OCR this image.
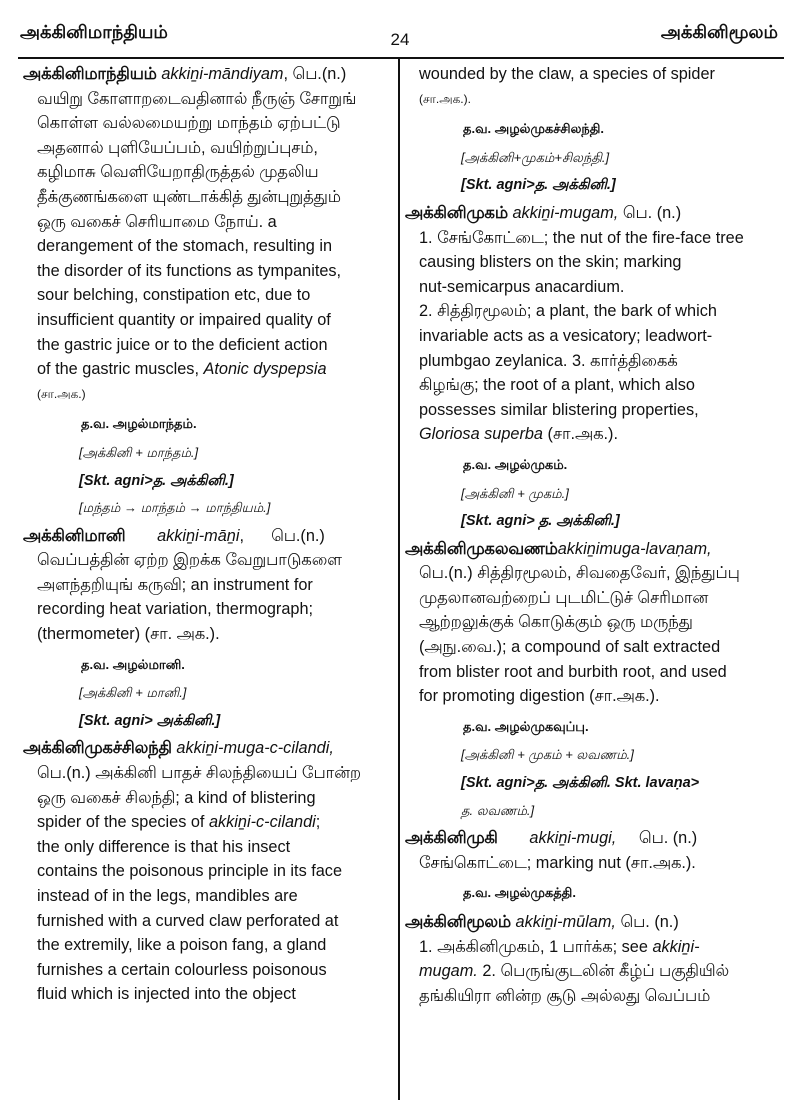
அக்கினிமாந்தியம்	24	அக்கினிமூலம்
அக்கினிமாந்தியம் akkiṉi-māndiyam, பெ.(n.)
வயிறு கோளாறடைவதினால் நீருஞ் சோறுங்
கொள்ள வல்லமையற்று மாந்தம் ஏற்பட்டு
அதனால் புளியேப்பம், வயிற்றுப்புசம்,
கழிமாசு வெளியேறாதிருத்தல் முதலிய
தீக்குணங்களை யுண்டாக்கித் துன்புறுத்தும்
ஒரு வகைச் செரியாமை நோய். a
derangement of the stomach, resulting in
the disorder of its functions as tympanites,
sour belching, constipation etc, due to
insufficient quantity or impaired quality of
the gastric juice or to the deficient action
of the gastric muscles, Atonic dyspepsia
(சா.அக.)
த.வ. அழல்மாந்தம்.
[அக்கினி + மாந்தம்.]
[Skt. agni>த. அக்கினி.]
[மந்தம் → மாந்தம் → மாந்தியம்.]
அக்கினிமானி akkiṉi-māṉi,      பெ.(n.)
வெப்பத்தின் ஏற்ற இறக்க வேறுபாடுகளை
அளந்தறியுங் கருவி; an instrument for
recording heat variation, thermograph;
(thermometer) (சா. அக.).
த.வ. அழல்மானி.
[அக்கினி + மானி.]
[Skt. agni> அக்கினி.]
அக்கினிமுகச்சிலந்தி akkiṉi-muga-c-cilandi,
பெ.(n.) அக்கினி பாதச் சிலந்தியைப் போன்ற
ஒரு வகைச் சிலந்தி; a kind of blistering
spider of the species of akkiṉi-c-cilandi;
the only difference is that his insect
contains the poisonous principle in its face
instead of in the legs, mandibles are
furnished with a curved claw perforated at
the extremily, like a poison fang, a gland
furnishes a certain colourless poisonous
fluid which is injected into the object
wounded by the claw, a species of spider
(சா.அக.).
த.வ. அழல்முகச்சிலந்தி.
[அக்கினி+முகம்+சிலந்தி.]
[Skt. agni>த. அக்கினி.]
அக்கினிமுகம் akkiṉi-mugam, பெ. (n.)
1. சேங்கோட்டை; the nut of the fire-face tree
causing blisters on the skin; marking
nut-semicarpus anacardium.
2. சித்திரமூலம்; a plant, the bark of which
invariable acts as a vesicatory; leadwort-
plumbgao zeylanica. 3. கார்த்திகைக்
கிழங்கு; the root of a plant, which also
possesses similar blistering properties,
Gloriosa superba (சா.அக.).
த.வ. அழல்முகம்.
[அக்கினி + முகம்.]
[Skt. agni> த. அக்கினி.]
அக்கினிமுகலவணம்akkiṉimuga-lavaṇam,
பெ.(n.) சித்திரமூலம், சிவதைவேர், இந்துப்பு
முதலானவற்றைப் புடமிட்டுச் செரிமான
ஆற்றலுக்குக் கொடுக்கும் ஒரு மருந்து
(அநு.வை.); a compound of salt extracted
from blister root and burbith root, and used
for promoting digestion (சா.அக.).
த.வ. அழல்முகவுப்பு.
[அக்கினி + முகம் + லவணம்.]
[Skt. agni>த. அக்கினி. Skt. lavaṇa>
த. லவணம்.]
அக்கினிமுகி akkiṉi-mugi, பெ. (n.)
சேங்கொட்டை; marking nut (சா.அக.).
த.வ. அழல்முகத்தி.
அக்கினிமூலம் akkiṉi-mūlam, பெ. (n.)
1. அக்கினிமுகம், 1 பார்க்க; see akkiṉi-
mugam. 2. பெருங்குடலின் கீழ்ப் பகுதியில்
தங்கியிரா னின்ற சூடு அல்லது வெப்பம்
